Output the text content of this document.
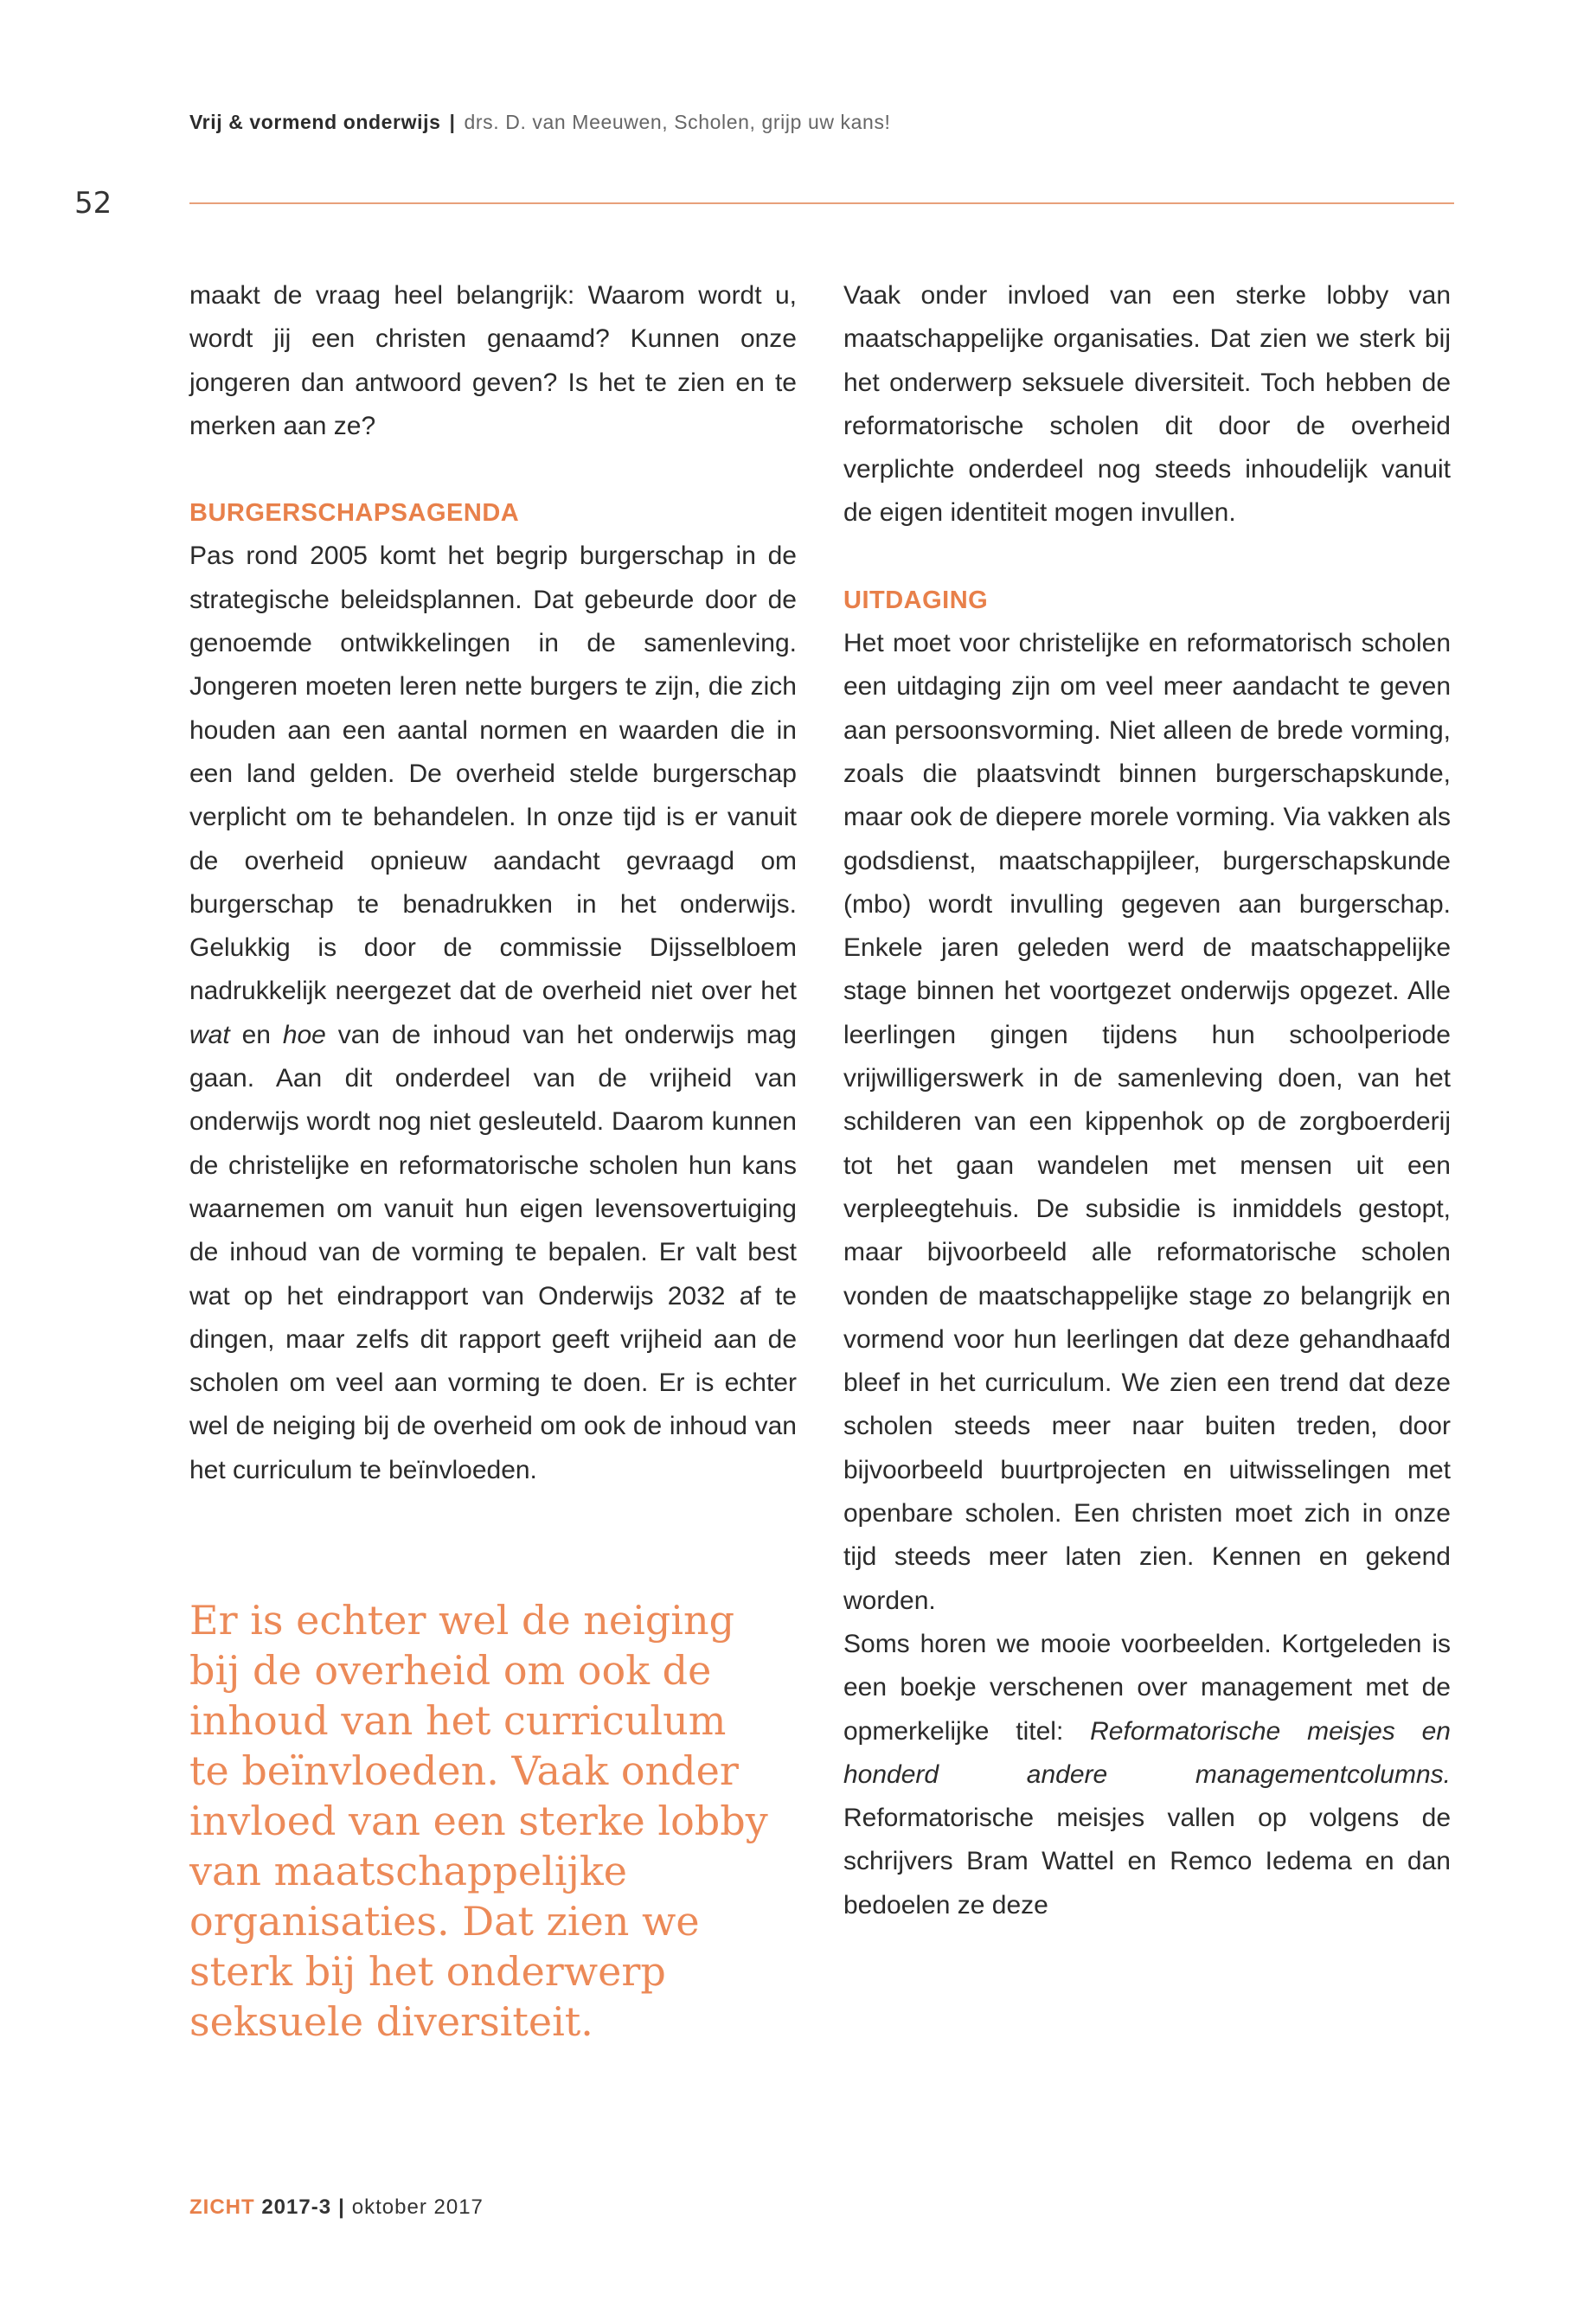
Vrij & vormend onderwijs | drs. D. van Meeuwen, Scholen, grijp uw kans!
52

maakt de vraag heel belangrijk: Waarom wordt u, wordt jij een christen genaamd? Kunnen onze jongeren dan antwoord geven? Is het te zien en te merken aan ze?

BURGERSCHAPSAGENDA

Pas rond 2005 komt het begrip burgerschap in de strategische beleidsplannen. Dat gebeurde door de genoemde ontwikkelingen in de samenleving. Jongeren moeten leren nette burgers te zijn, die zich houden aan een aantal normen en waarden die in een land gelden. De overheid stelde burgerschap verplicht om te behandelen. In onze tijd is er vanuit de overheid opnieuw aandacht gevraagd om burgerschap te benadrukken in het onderwijs. Gelukkig is door de commissie Dijsselbloem nadrukkelijk neergezet dat de overheid niet over het wat en hoe van de inhoud van het onderwijs mag gaan. Aan dit onderdeel van de vrijheid van onderwijs wordt nog niet gesleuteld. Daarom kunnen de christelijke en reformatorische scholen hun kans waarnemen om vanuit hun eigen levensovertuiging de inhoud van de vorming te bepalen. Er valt best wat op het eindrapport van Onderwijs 2032 af te dingen, maar zelfs dit rapport geeft vrijheid aan de scholen om veel aan vorming te doen. Er is echter wel de neiging bij de overheid om ook de inhoud van het curriculum te beïnvloeden.

Er is echter wel de neiging bij de overheid om ook de inhoud van het curriculum te beïnvloeden. Vaak onder invloed van een sterke lobby van maatschappelijke organisaties. Dat zien we sterk bij het onderwerp seksuele diversiteit.

Vaak onder invloed van een sterke lobby van maatschappelijke organisaties. Dat zien we sterk bij het onderwerp seksuele diversiteit. Toch hebben de reformatorische scholen dit door de overheid verplichte onderdeel nog steeds inhoudelijk vanuit de eigen identiteit mogen invullen.

UITDAGING

Het moet voor christelijke en reformatorisch scholen een uitdaging zijn om veel meer aandacht te geven aan persoonsvorming. Niet alleen de brede vorming, zoals die plaatsvindt binnen burgerschapskunde, maar ook de diepere morele vorming. Via vakken als godsdienst, maatschappijleer, burgerschapskunde (mbo) wordt invulling gegeven aan burgerschap. Enkele jaren geleden werd de maatschappelijke stage binnen het voortgezet onderwijs opgezet. Alle leerlingen gingen tijdens hun schoolperiode vrijwilligerswerk in de samenleving doen, van het schilderen van een kippenhok op de zorgboerderij tot het gaan wandelen met mensen uit een verpleegtehuis. De subsidie is inmiddels gestopt, maar bijvoorbeeld alle reformatorische scholen vonden de maatschappelijke stage zo belangrijk en vormend voor hun leerlingen dat deze gehandhaafd bleef in het curriculum. We zien een trend dat deze scholen steeds meer naar buiten treden, door bijvoorbeeld buurtprojecten en uitwisselingen met openbare scholen. Een christen moet zich in onze tijd steeds meer laten zien. Kennen en gekend worden.

Soms horen we mooie voorbeelden. Kortgeleden is een boekje verschenen over management met de opmerkelijke titel: Reformatorische meisjes en honderd andere managementcolumns. Reformatorische meisjes vallen op volgens de schrijvers Bram Wattel en Remco Iedema en dan bedoelen ze deze

ZICHT 2017-3 | oktober 2017
